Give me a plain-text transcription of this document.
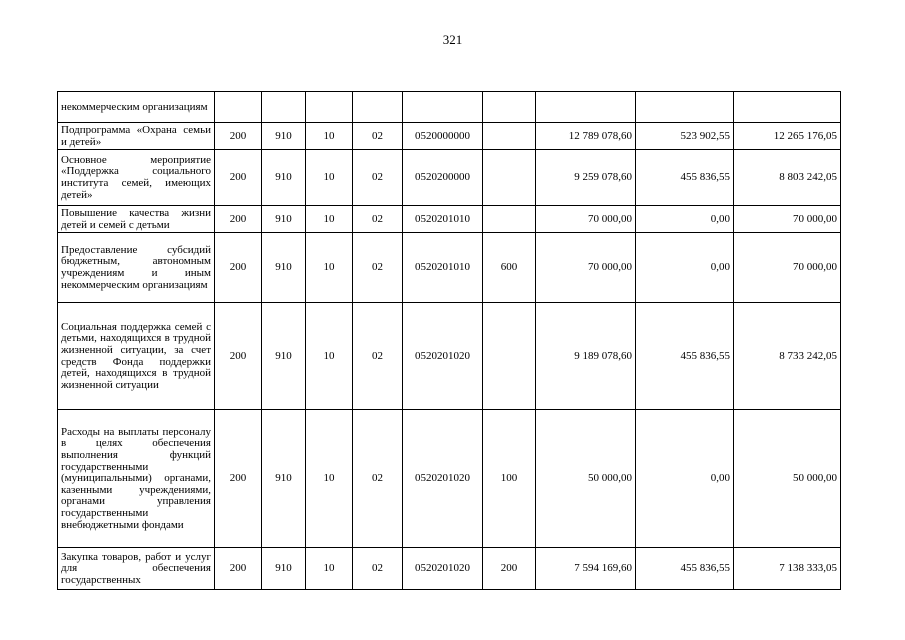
321
некоммерческим организациям									
Подпрограмма «Охрана семьи и детей»	200	910	10	02	0520000000		12 789 078,60	523 902,55	12 265 176,05
Основное мероприятие «Поддержка социального института семей, имеющих детей»	200	910	10	02	0520200000		9 259 078,60	455 836,55	8 803 242,05
Повышение качества жизни детей и семей с детьми	200	910	10	02	0520201010		70 000,00	0,00	70 000,00
Предоставление субсидий бюджетным, автономным учреждениям и иным некоммерческим организациям	200	910	10	02	0520201010	600	70 000,00	0,00	70 000,00
Социальная поддержка семей с детьми, находящихся в трудной жизненной ситуации, за счет средств Фонда поддержки детей, находящихся в трудной жизненной ситуации	200	910	10	02	0520201020		9 189 078,60	455 836,55	8 733 242,05
Расходы на выплаты персоналу в целях обеспечения выполнения функций государственными (муниципальными) органами, казенными учреждениями, органами управления государственными внебюджетными фондами	200	910	10	02	0520201020	100	50 000,00	0,00	50 000,00
Закупка товаров, работ и услуг для обеспечения государственных	200	910	10	02	0520201020	200	7 594 169,60	455 836,55	7 138 333,05
